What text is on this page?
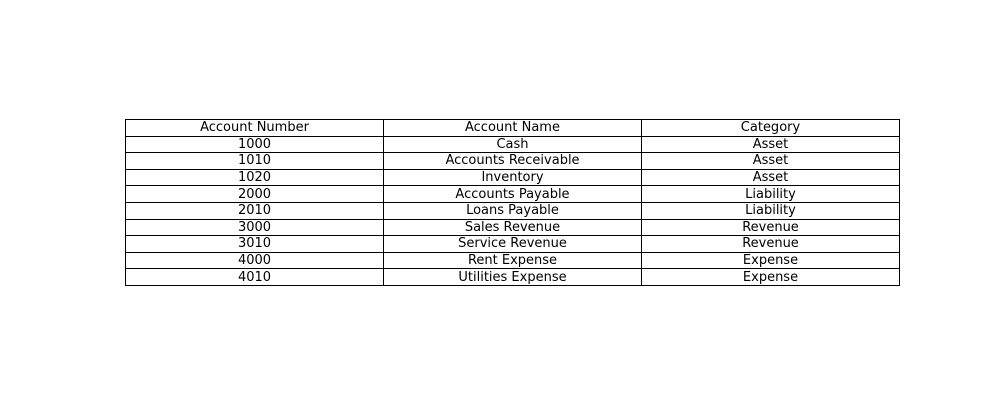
Account Number	Account Name	Category
1000	Cash	Asset
1010	Accounts Receivable	Asset
1020	Inventory	Asset
2000	Accounts Payable	Liability
2010	Loans Payable	Liability
3000	Sales Revenue	Revenue
3010	Service Revenue	Revenue
4000	Rent Expense	Expense
4010	Utilities Expense	Expense
